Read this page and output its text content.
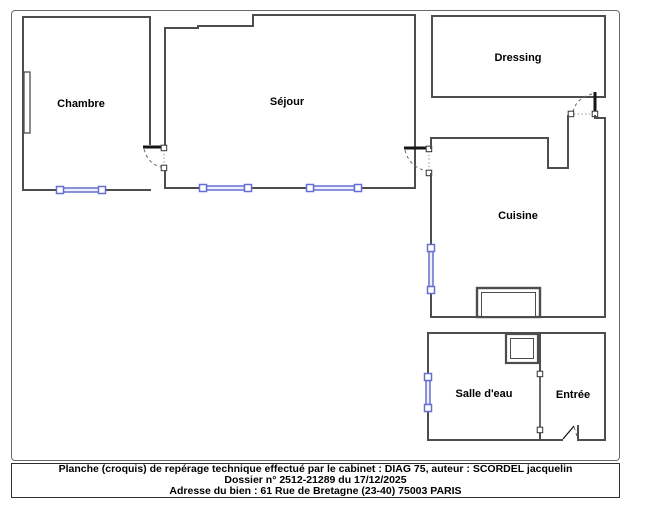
Chambre	Séjour
Dressing
Cuisine
Salle d'eau	Entrée
Planche (croquis) de repérage technique effectué par le cabinet : DIAG 75, auteur : SCORDEL jacquelin
Dossier n° 2512-21289 du 17/12/2025
Adresse du bien : 61 Rue de Bretagne (23-40) 75003 PARIS
